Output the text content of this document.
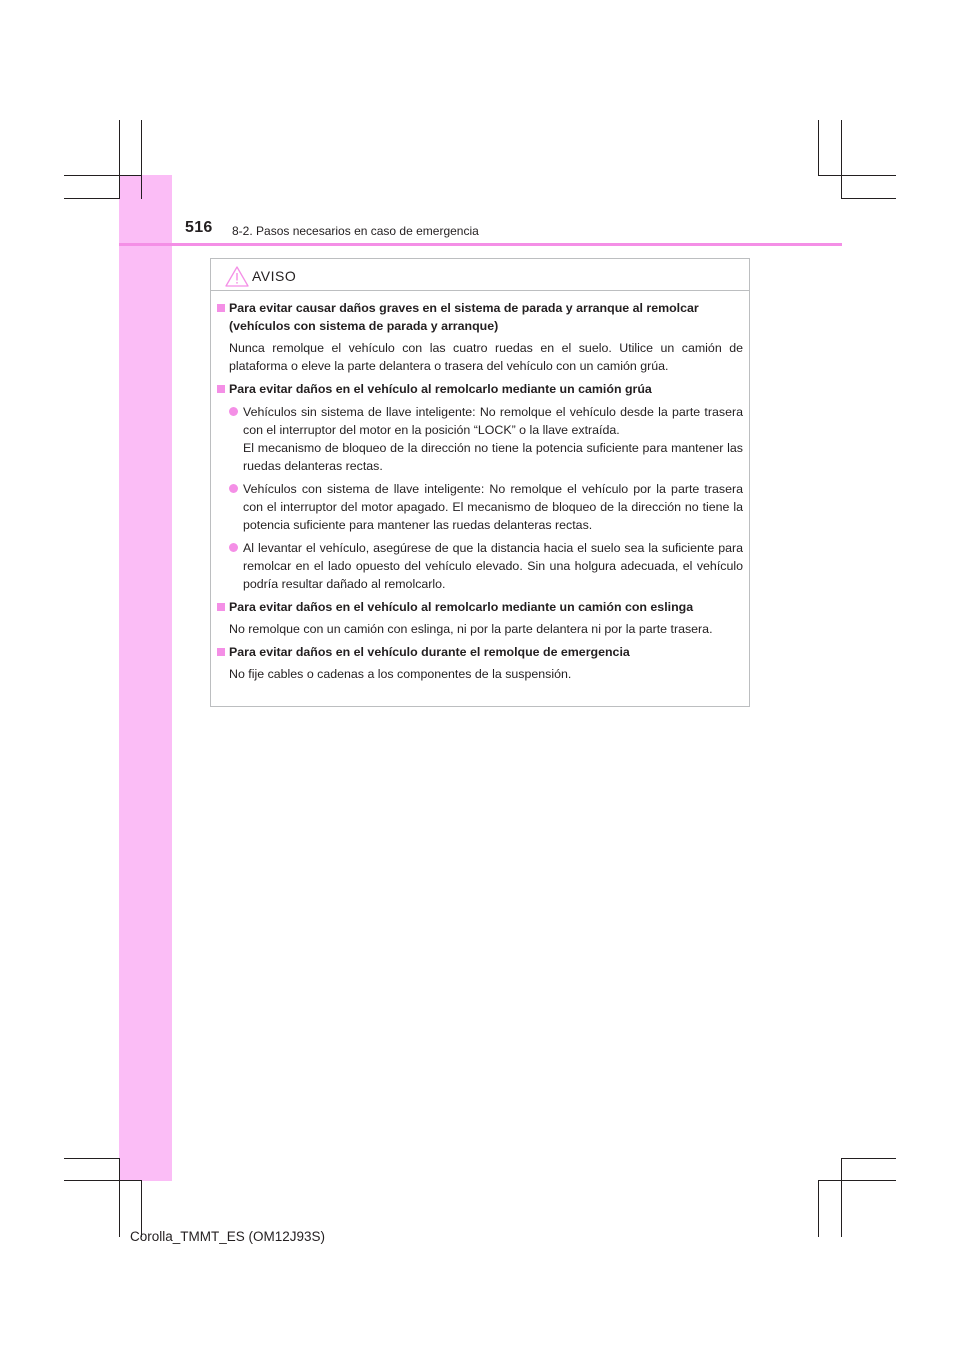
516 8-2. Pasos necesarios en caso de emergencia
AVISO
Para evitar causar daños graves en el sistema de parada y arranque al remolcar (vehículos con sistema de parada y arranque)
Nunca remolque el vehículo con las cuatro ruedas en el suelo. Utilice un camión de plataforma o eleve la parte delantera o trasera del vehículo con un camión grúa.
Para evitar daños en el vehículo al remolcarlo mediante un camión grúa
Vehículos sin sistema de llave inteligente: No remolque el vehículo desde la parte trasera con el interruptor del motor en la posición “LOCK” o la llave extraída.
El mecanismo de bloqueo de la dirección no tiene la potencia suficiente para mantener las ruedas delanteras rectas.
Vehículos con sistema de llave inteligente: No remolque el vehículo por la parte trasera con el interruptor del motor apagado. El mecanismo de bloqueo de la dirección no tiene la potencia suficiente para mantener las ruedas delanteras rectas.
Al levantar el vehículo, asegúrese de que la distancia hacia el suelo sea la suficiente para remolcar en el lado opuesto del vehículo elevado. Sin una holgura adecuada, el vehículo podría resultar dañado al remolcarlo.
Para evitar daños en el vehículo al remolcarlo mediante un camión con eslinga
No remolque con un camión con eslinga, ni por la parte delantera ni por la parte trasera.
Para evitar daños en el vehículo durante el remolque de emergencia
No fije cables o cadenas a los componentes de la suspensión.
Corolla_TMMT_ES (OM12J93S)
